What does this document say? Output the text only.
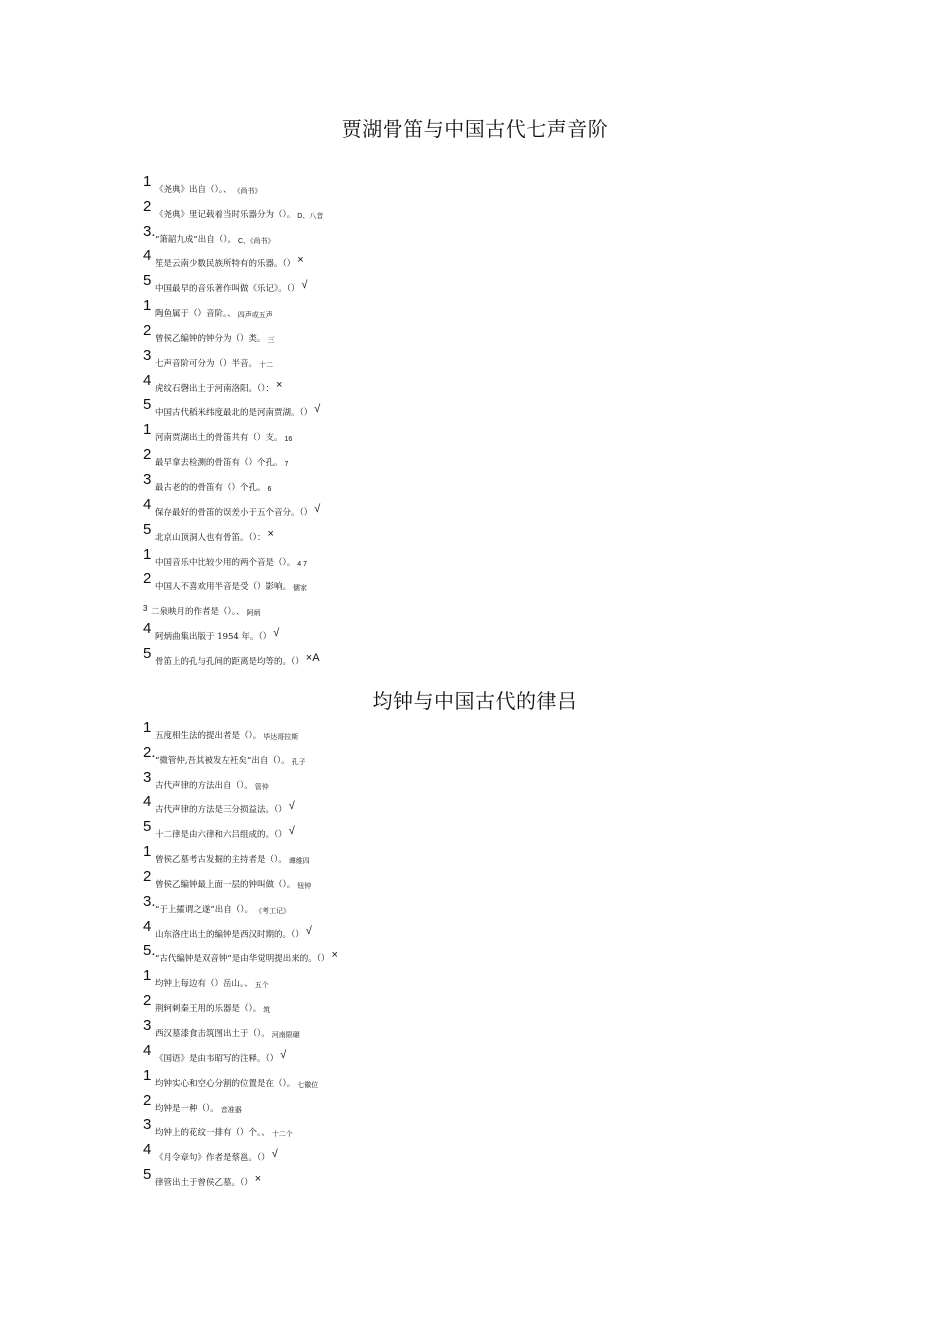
贾湖骨笛与中国古代七声音阶
1 《尧典》出自（）。、 《尚书》
2 《尧典》里记载着当时乐器分为（）。 D、八音
3. “箫韶九成”出自（）。 C、《尚书》
4 笙是云南少数民族所特有的乐器。（） ×
5 中国最早的音乐著作叫做《乐记》。（） √
1 陶鱼属于（）音阶。、 四声或五声
2 曾侯乙编钟的钟分为（）类。 三
3 七声音阶可分为（）半音。 十二
4 虎纹石磬出土于河南洛阳。（）： ×
5 中国古代稻米纬度最北的是河南贾湖。（） √
1 河南贾湖出土的骨笛共有（）支。 16
2 最早拿去检测的骨笛有（）个孔。 7
3 最古老的的骨笛有（）个孔。 6
4 保存最好的骨笛的误差小于五个音分。（） √
5 北京山顶洞人也有骨笛。（）： ×
1 中国音乐中比较少用的两个音是（）。 4 7
2 中国人不喜欢用半音是受（）影响。 儒家
3 二泉映月的作者是（）。、 阿炳
4 阿炳曲集出版于 1954 年。（） √
5 骨笛上的孔与孔间的距离是均等的。（） ×A
均钟与中国古代的律吕
1 五度相生法的提出者是（）。 毕达哥拉斯
2. “微管仲,吾其被发左衽矣”出自（）。 孔子
3 古代声律的方法出自（）。 管仲
4 古代声律的方法是三分损益法。（） √
5 十二律是由六律和六吕组成的。（） √
1 曾侯乙墓考古发掘的主持者是（）。 谭维四
2 曾侯乙编钟最上面一层的钟叫做（）。 钮钟
3. “于上攉谓之遂”出自（）。 《考工记》
4 山东洛庄出土的编钟是西汉时期的。（） √
5. “古代编钟是双音钟”是由华觉明提出来的。（） ×
1 均钟上每边有（）岳山。、 五个
2 荆轲刺秦王用的乐器是（）。 筑
3 西汉墓漆食击筑图出土于（）。 河南限碾
4 《国语》是由韦昭写的注释。（） √
1 均钟实心和空心分割的位置是在（）。 七徽位
2 均钟是一种（）。 音准器
3 均钟上的花纹一排有（）个。、 十二个
4 《月令章句》作者是蔡邕。（） √
5 律管出土于曾侯乙墓。（） ×
